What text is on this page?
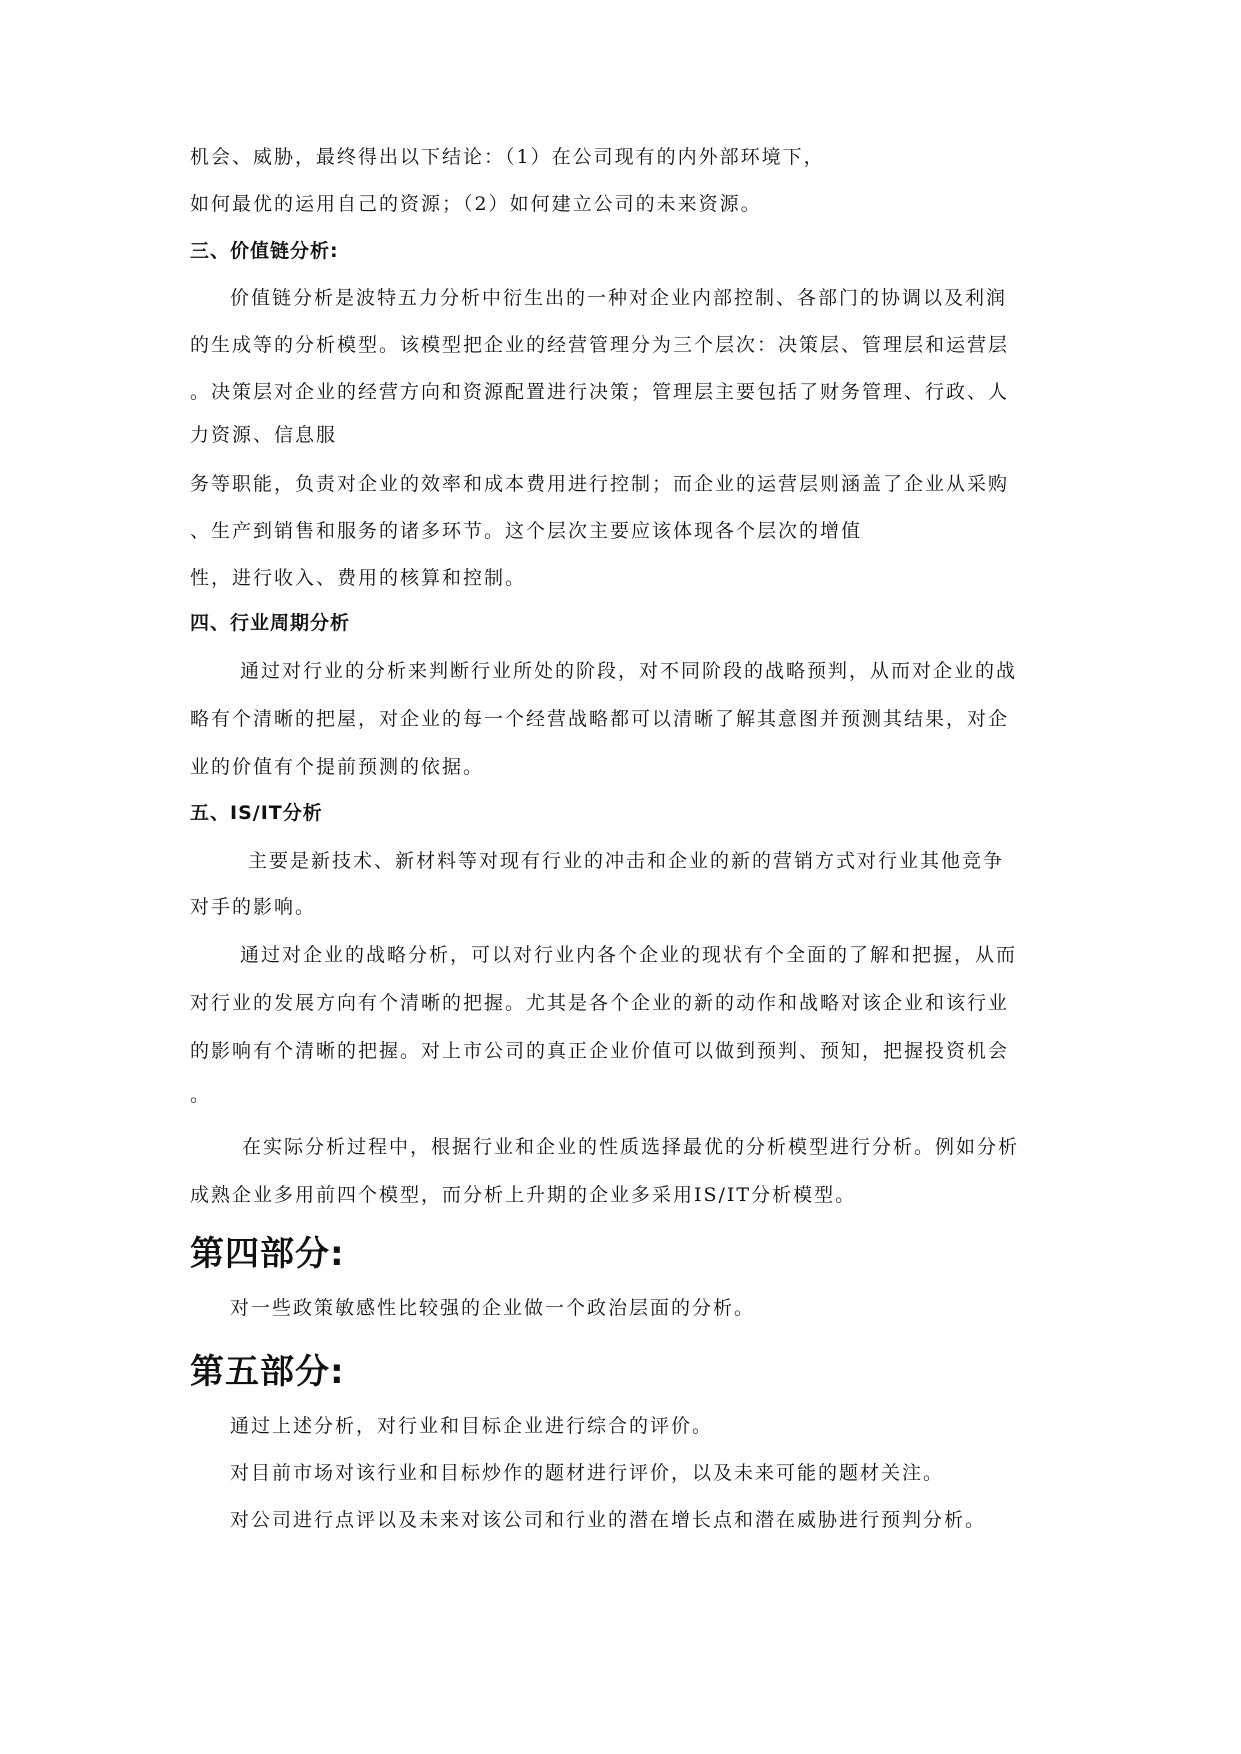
机会、威胁，最终得出以下结论：（1）在公司现有的内外部环境下，
如何最优的运用自己的资源；（2）如何建立公司的未来资源。
三、价值链分析:
价值链分析是波特五力分析中衍生出的一种对企业内部控制、各部门的协调以及利润
的生成等的分析模型。该模型把企业的经营管理分为三个层次：决策层、管理层和运营层
。决策层对企业的经营方向和资源配置进行决策；管理层主要包括了财务管理、行政、人
力资源、信息服
务等职能，负责对企业的效率和成本费用进行控制；而企业的运营层则涵盖了企业从采购
、生产到销售和服务的诸多环节。这个层次主要应该体现各个层次的增值
性，进行收入、费用的核算和控制。
四、行业周期分析
通过对行业的分析来判断行业所处的阶段，对不同阶段的战略预判，从而对企业的战
略有个清晰的把屋，对企业的每一个经营战略都可以清晰了解其意图并预测其结果，对企
业的价值有个提前预测的依据。
五、IS/IT分析
主要是新技术、新材料等对现有行业的冲击和企业的新的营销方式对行业其他竞争
对手的影响。
通过对企业的战略分析，可以对行业内各个企业的现状有个全面的了解和把握，从而
对行业的发展方向有个清晰的把握。尤其是各个企业的新的动作和战略对该企业和该行业
的影响有个清晰的把握。对上市公司的真正企业价值可以做到预判、预知，把握投资机会
。
在实际分析过程中，根据行业和企业的性质选择最优的分析模型进行分析。例如分析
成熟企业多用前四个模型，而分析上升期的企业多采用IS/IT分析模型。
第四部分:
对一些政策敏感性比较强的企业做一个政治层面的分析。
第五部分:
通过上述分析，对行业和目标企业进行综合的评价。
对目前市场对该行业和目标炒作的题材进行评价，以及未来可能的题材关注。
对公司进行点评以及未来对该公司和行业的潜在增长点和潜在威胁进行预判分析。
